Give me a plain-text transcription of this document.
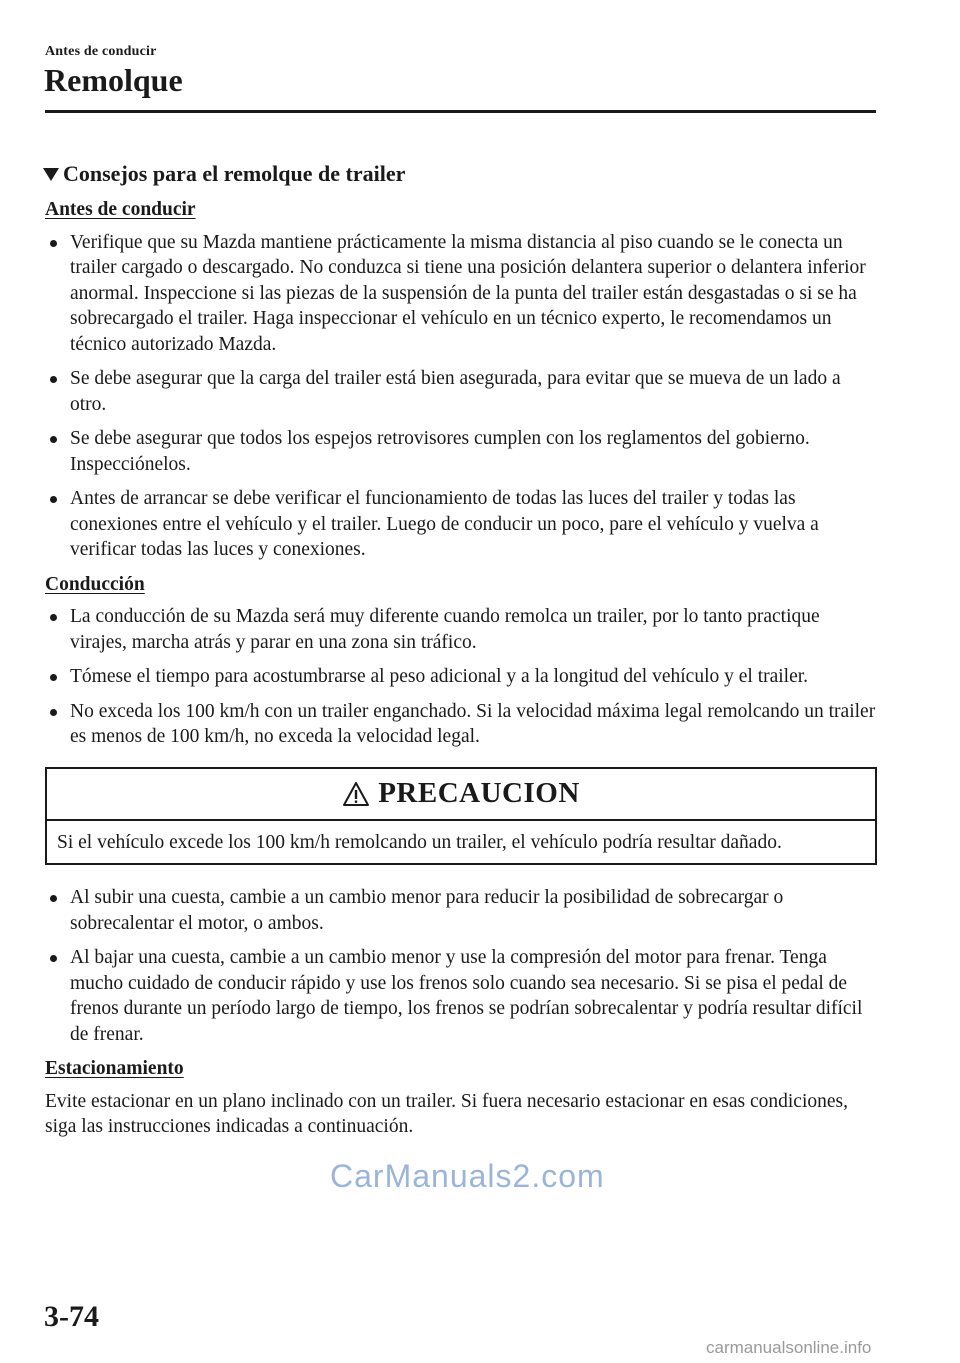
Antes de conducir
Remolque
Consejos para el remolque de trailer
Antes de conducir
Verifique que su Mazda mantiene prácticamente la misma distancia al piso cuando se le conecta un trailer cargado o descargado. No conduzca si tiene una posición delantera superior o delantera inferior anormal. Inspeccione si las piezas de la suspensión de la punta del trailer están desgastadas o si se ha sobrecargado el trailer. Haga inspeccionar el vehículo en un técnico experto, le recomendamos un técnico autorizado Mazda.
Se debe asegurar que la carga del trailer está bien asegurada, para evitar que se mueva de un lado a otro.
Se debe asegurar que todos los espejos retrovisores cumplen con los reglamentos del gobierno. Inspecciónelos.
Antes de arrancar se debe verificar el funcionamiento de todas las luces del trailer y todas las conexiones entre el vehículo y el trailer. Luego de conducir un poco, pare el vehículo y vuelva a verificar todas las luces y conexiones.
Conducción
La conducción de su Mazda será muy diferente cuando remolca un trailer, por lo tanto practique virajes, marcha atrás y parar en una zona sin tráfico.
Tómese el tiempo para acostumbrarse al peso adicional y a la longitud del vehículo y el trailer.
No exceda los 100 km/h con un trailer enganchado. Si la velocidad máxima legal remolcando un trailer es menos de 100 km/h, no exceda la velocidad legal.
PRECAUCION
Si el vehículo excede los 100 km/h remolcando un trailer, el vehículo podría resultar dañado.
Al subir una cuesta, cambie a un cambio menor para reducir la posibilidad de sobrecargar o sobrecalentar el motor, o ambos.
Al bajar una cuesta, cambie a un cambio menor y use la compresión del motor para frenar. Tenga mucho cuidado de conducir rápido y use los frenos solo cuando sea necesario. Si se pisa el pedal de frenos durante un período largo de tiempo, los frenos se podrían sobrecalentar y podría resultar difícil de frenar.
Estacionamiento

Evite estacionar en un plano inclinado con un trailer. Si fuera necesario estacionar en esas condiciones, siga las instrucciones indicadas a continuación.

CarManuals2.com
3-74
carmanualsonline.info
